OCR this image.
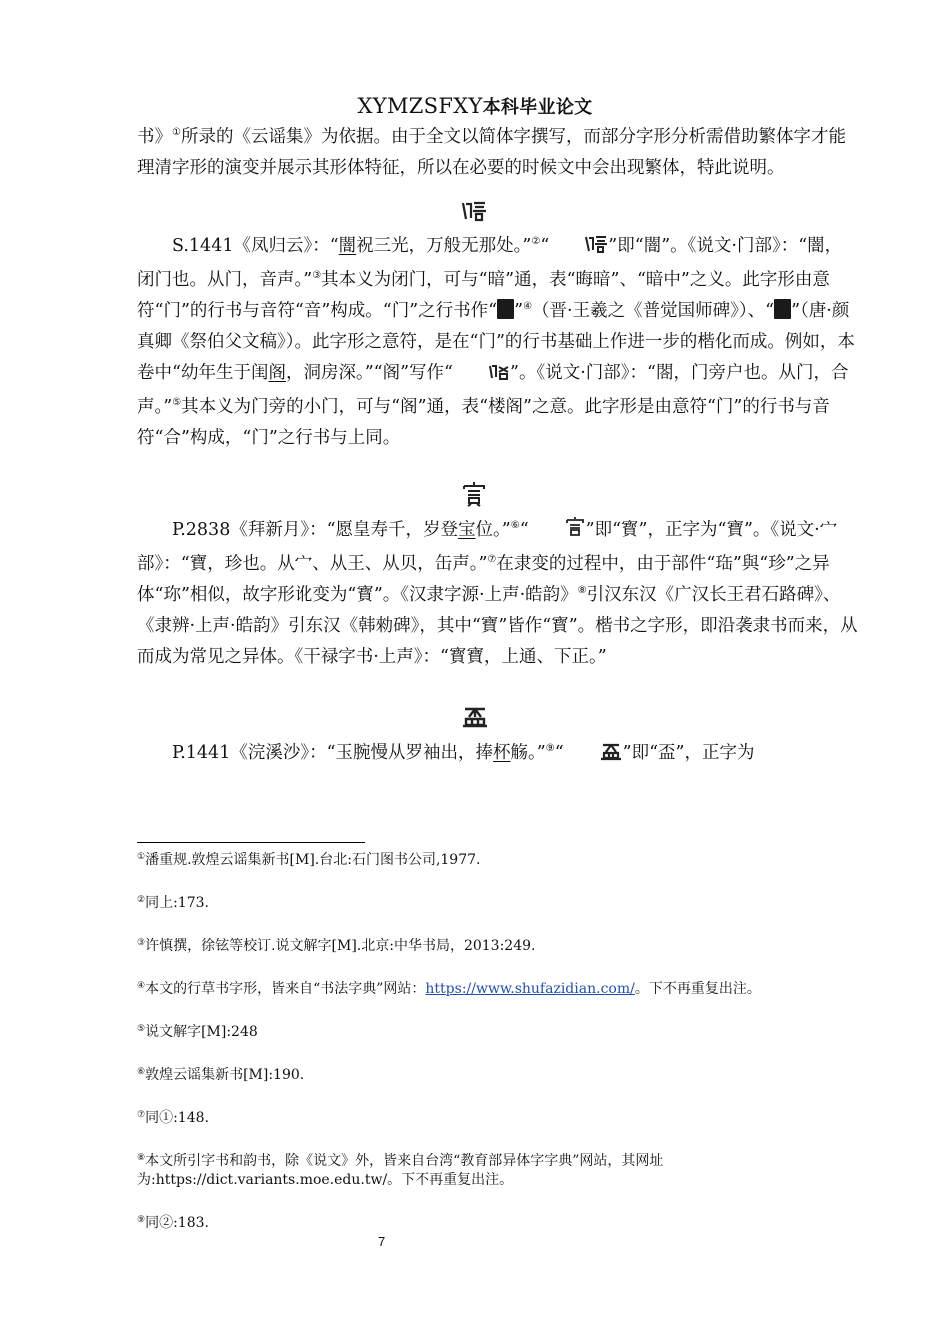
XYMZSFXY本科毕业论文

书》①所录的《云谣集》为依据。由于全文以简体字撰写，而部分字形分析需借助繁体字才能理清字形的演变并展示其形体特征，所以在必要的时候文中会出现繁体，特此说明。

S.1441《凤归云》：“闇祝三光，万般无那处。”②“	”即“闇”。《说文·门部》：“闇，闭门也。从门，音声。”③其本义为闭门，可与“暗”通，表“晦暗”、“暗中”之义。此字形由意符“门”的行书与音符“音”构成。“门”之行书作“ ”④（晋·王羲之《普觉国师碑》）、“ ”（唐·颜真卿《祭伯父文稿》）。此字形之意符，是在“门”的行书基础上作进一步的楷化而成。例如，本卷中“幼年生于闺阁，洞房深。”“阁”写作“	”。《说文·门部》：“閤，门旁户也。从门，合声。”⑤其本义为门旁的小门，可与“阁”通，表“楼阁”之意。此字形是由意符“门”的行书与音符“合”构成，“门”之行书与上同。

P.2838《拜新月》：“愿皇寿千，岁登宝位。”⑥“	”即“寳”，正字为“寶”。《说文·宀部》：“寶，珍也。从宀、从王、从贝，缶声。”⑦在隶变的过程中，由于部件“珤”與“珍”之异体“珎”相似，故字形讹变为“寳”。《汉隶字源·上声·皓韵》⑧引汉东汉《广汉长王君石路碑》、《隶辨·上声·皓韵》引东汉《韩勑碑》，其中“寶”皆作“寳”。楷书之字形，即沿袭隶书而来，从而成为常见之异体。《干禄字书·上声》：“寳寶，上通、下正。”

P.1441《浣溪沙》：“玉腕慢从罗袖出，捧杯觞。”⑨“	”即“盃”，正字为

①潘重规.敦煌云谣集新书[M].台北:石门图书公司,1977.

②同上:173.

③许慎撰，徐铉等校订.说文解字[M].北京:中华书局，2013:249.

④本文的行草书字形，皆来自“书法字典”网站：https://www.shufazidian.com/。下不再重复出注。

⑤说文解字[M]:248

⑥敦煌云谣集新书[M]:190.

⑦同①:148.

⑧本文所引字书和韵书，除《说文》外，皆来自台湾“教育部异体字字典”网站，其网址为:https://dict.variants.moe.edu.tw/。下不再重复出注。

⑨同②:183.

7
